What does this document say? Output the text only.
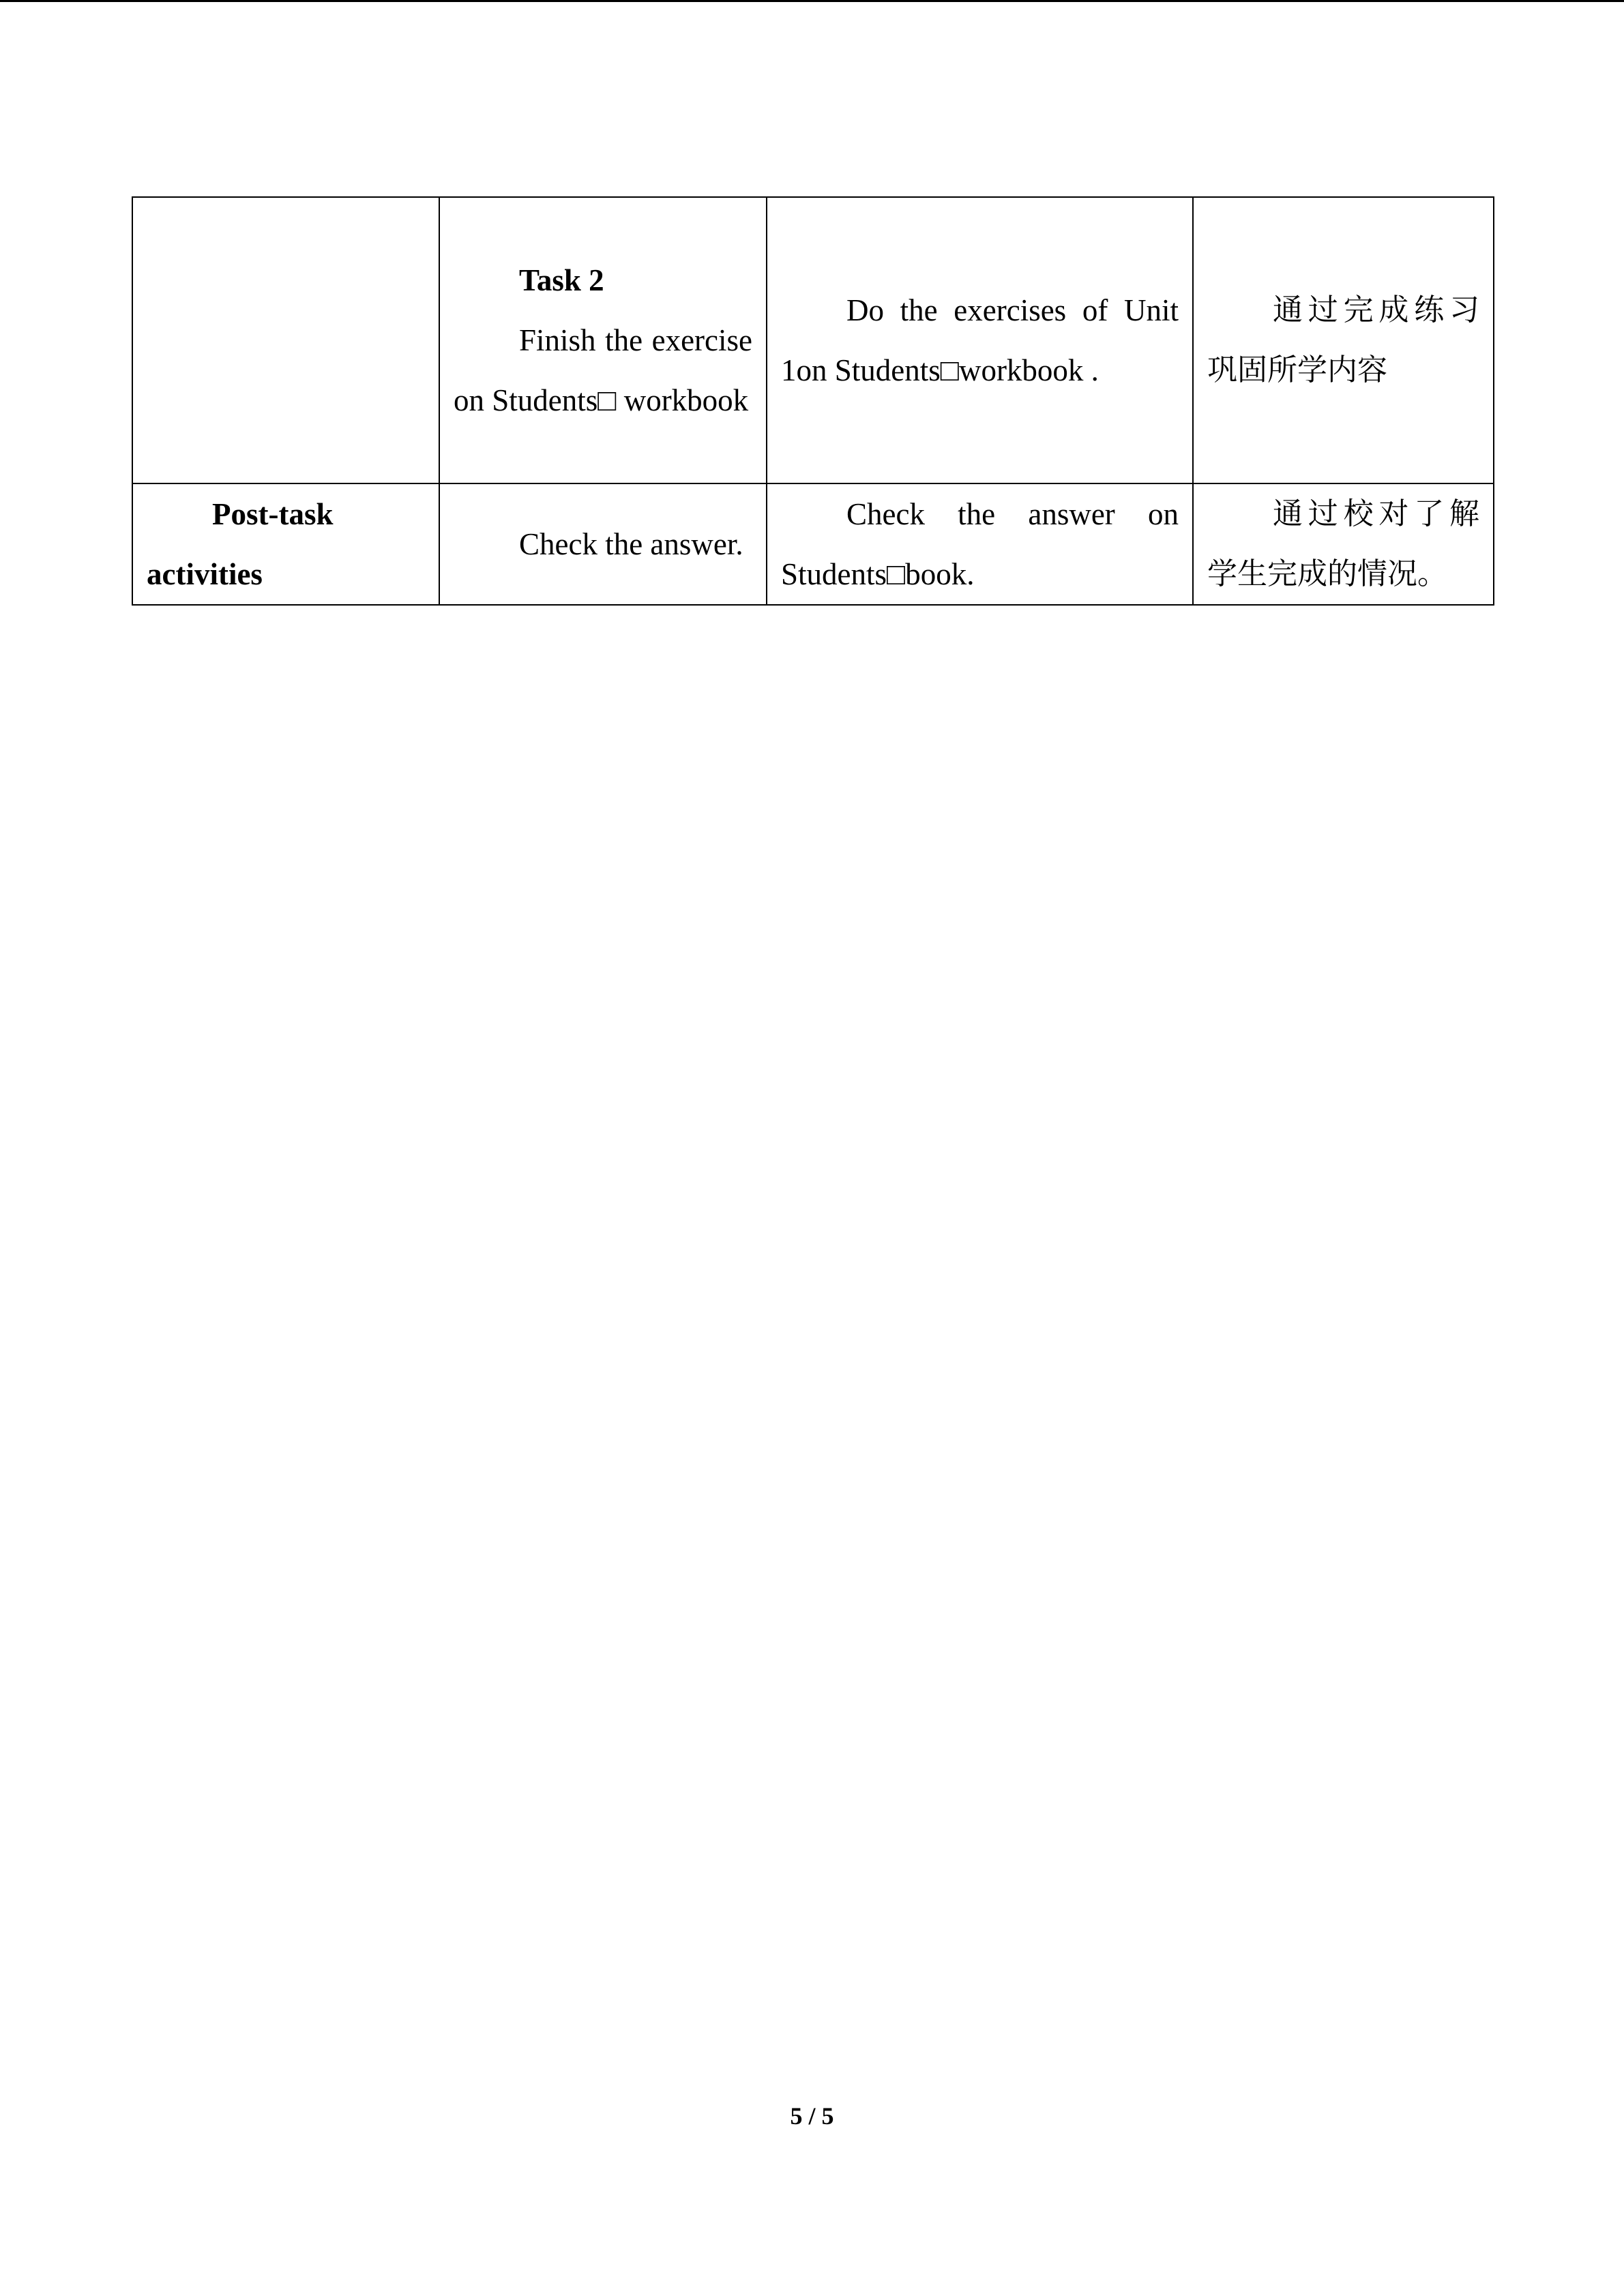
	Task 2
Finish the exercise on Students□ workbook	Do the exercises of Unit 1on Students□workbook .	通过完成练习巩固所学内容

Post-task
activities	Check the answer.	Check the answer on Students□book.	通过校对了解学生完成的情况。
5 / 5
